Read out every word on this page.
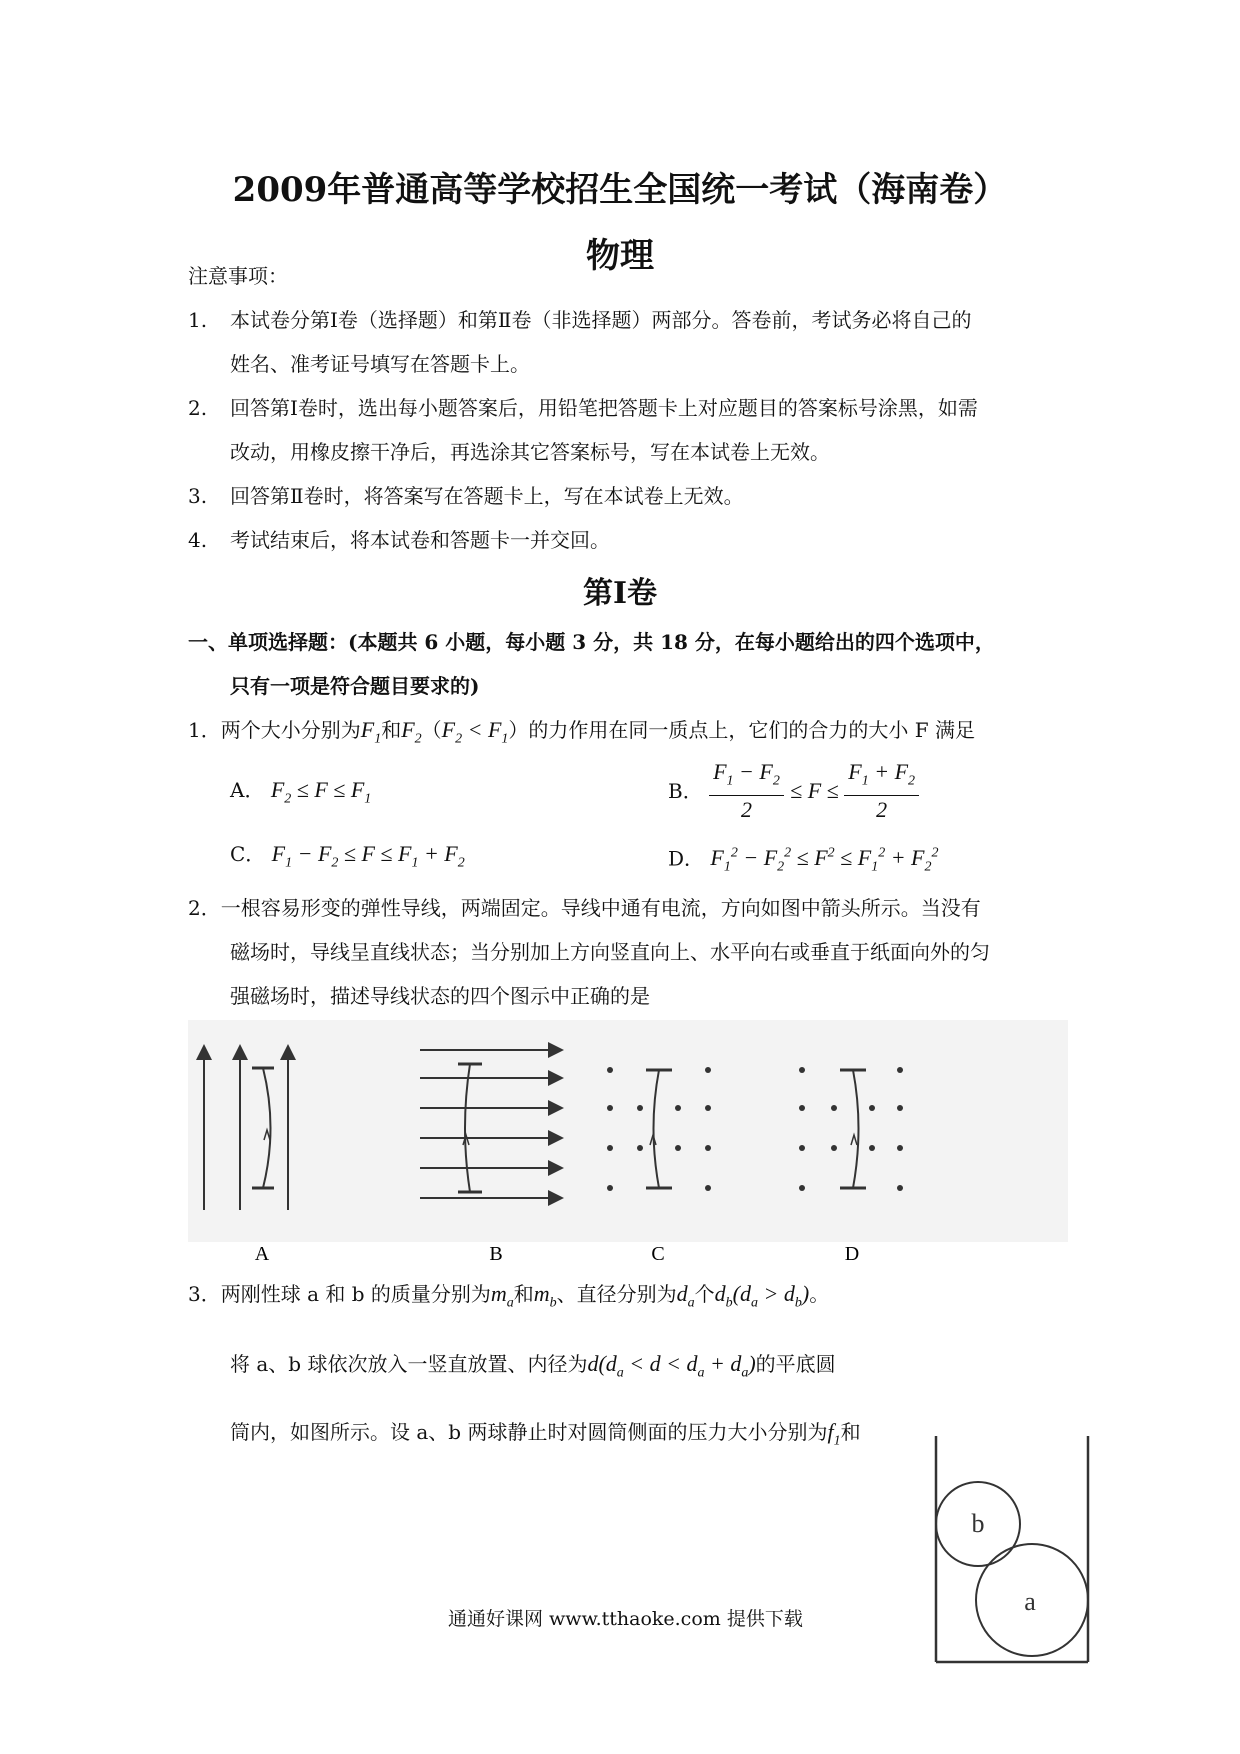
2009年普通高等学校招生全国统一考试（海南卷）
物理
注意事项：
1. 本试卷分第Ⅰ卷（选择题）和第Ⅱ卷（非选择题）两部分。答卷前，考试务必将自己的
姓名、准考证号填写在答题卡上。
2. 回答第Ⅰ卷时，选出每小题答案后，用铅笔把答题卡上对应题目的答案标号涂黑，如需
改动，用橡皮擦干净后，再选涂其它答案标号，写在本试卷上无效。
3. 回答第Ⅱ卷时，将答案写在答题卡上，写在本试卷上无效。
4. 考试结束后，将本试卷和答题卡一并交回。
第Ⅰ卷
一、单项选择题：(本题共 6 小题，每小题 3 分，共 18 分，在每小题给出的四个选项中，
只有一项是符合题目要求的)
1．两个大小分别为$F_1$和$F_2(F_2 < F_1)$的力作用在同一质点上，它们的合力的大小 F 满足
A． $F_2 \le F \le F_1$	B． $\frac{F_1 - F_2}{2} \le F \le \frac{F_1 + F_2}{2}$
C． $F_1 - F_2 \le F \le F_1 + F_2$	D． $F_1^2 - F_2^2 \le F^2 \le F_1^2 + F_2^2$
2．一根容易形变的弹性导线，两端固定。导线中通有电流，方向如图中箭头所示。当没有
磁场时，导线呈直线状态；当分别加上方向竖直向上、水平向右或垂直于纸面向外的匀
强磁场时，描述导线状态的四个图示中正确的是
A	B	C	D
3．两刚性球 a 和 b 的质量分别为$m_a$和$m_b$、直径分别为$d_a$个$d_b(d_a > d_b)$。
将 a、b 球依次放入一竖直放置、内径为$d(d_a < d < d_a + d_a)$的平底圆
筒内，如图所示。设 a、b 两球静止时对圆筒侧面的压力大小分别为$f_1$和
b
a
通通好课网 www.tthaoke.com 提供下载
